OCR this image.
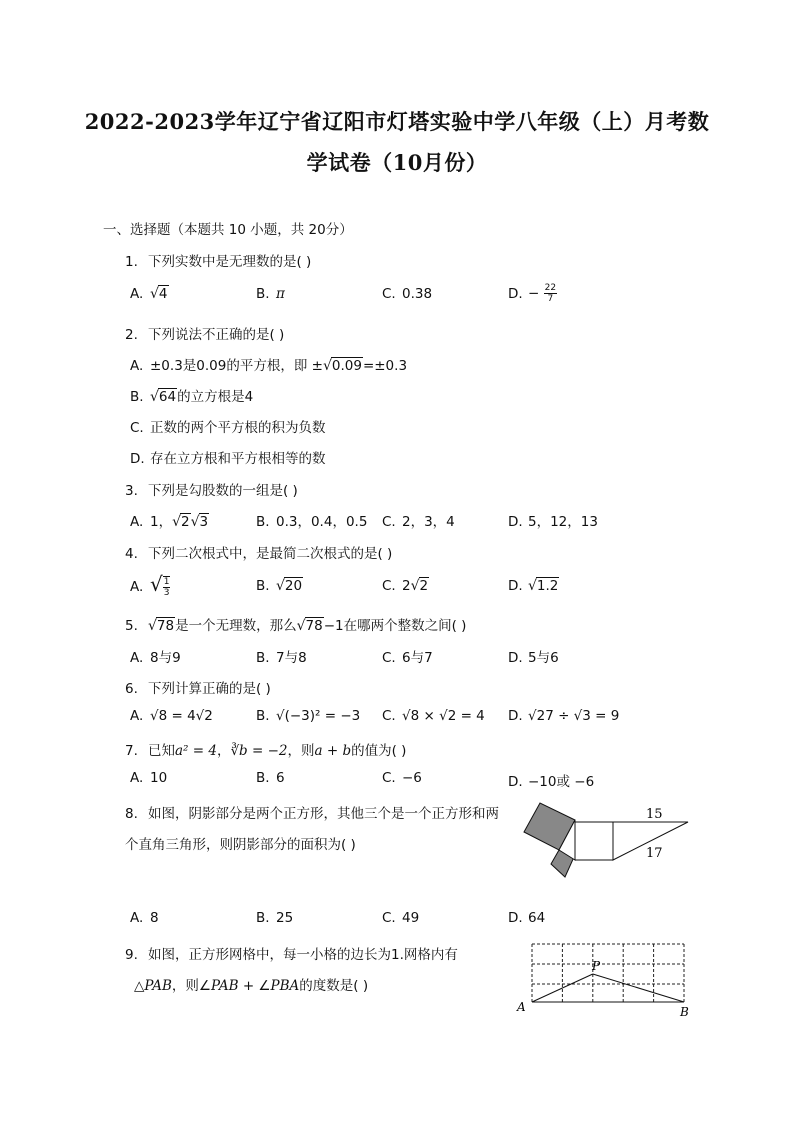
2022-2023学年辽宁省辽阳市灯塔实验中学八年级（上）月考数
学试卷（10月份）
一、选择题（本题共 10 小题，共 20分）
1. 下列实数中是无理数的是( )
A. √4	B. π	C. 0.38	D. − $\frac{22}{7}$
2. 下列说法不正确的是( )
A. ±0.3是0.09的平方根，即 ±√0.09=±0.3
B. √64的立方根是4
C. 正数的两个平方根的积为负数
D. 存在立方根和平方根相等的数
3. 下列是勾股数的一组是( )
A. 1，√2√3	B. 0.3，0.4，0.5 C. 2，3，4	D. 5，12，13
4. 下列二次根式中，是最简二次根式的是( )
A. √ $\frac{1}{3}$	B. √20	C. 2√2	D. √1.2
5. √78是一个无理数，那么√78−1在哪两个整数之间( )
A. 8与9	B. 7与8	C. 6与7	D. 5与6
6. 下列计算正确的是( )
A. √8 = 4√2	B. √(−3)² = −3 C. √8 × √2 = 4 D. √27 ÷ √3 = 9
7. 已知a² = 4，∛b = −2，则a + b的值为( )
A. 10	B. 6	C. −6	D. −10或 −6
8. 如图，阴影部分是两个正方形，其他三个是一个正方形和两
个直角三角形，则阴影部分的面积为( )
15
17
A. 8	B. 25	C. 49	D. 64
9. 如图，正方形网格中，每一小格的边长为1.网格内有
△PAB，则∠PAB + ∠PBA的度数是( )
P
A	B
